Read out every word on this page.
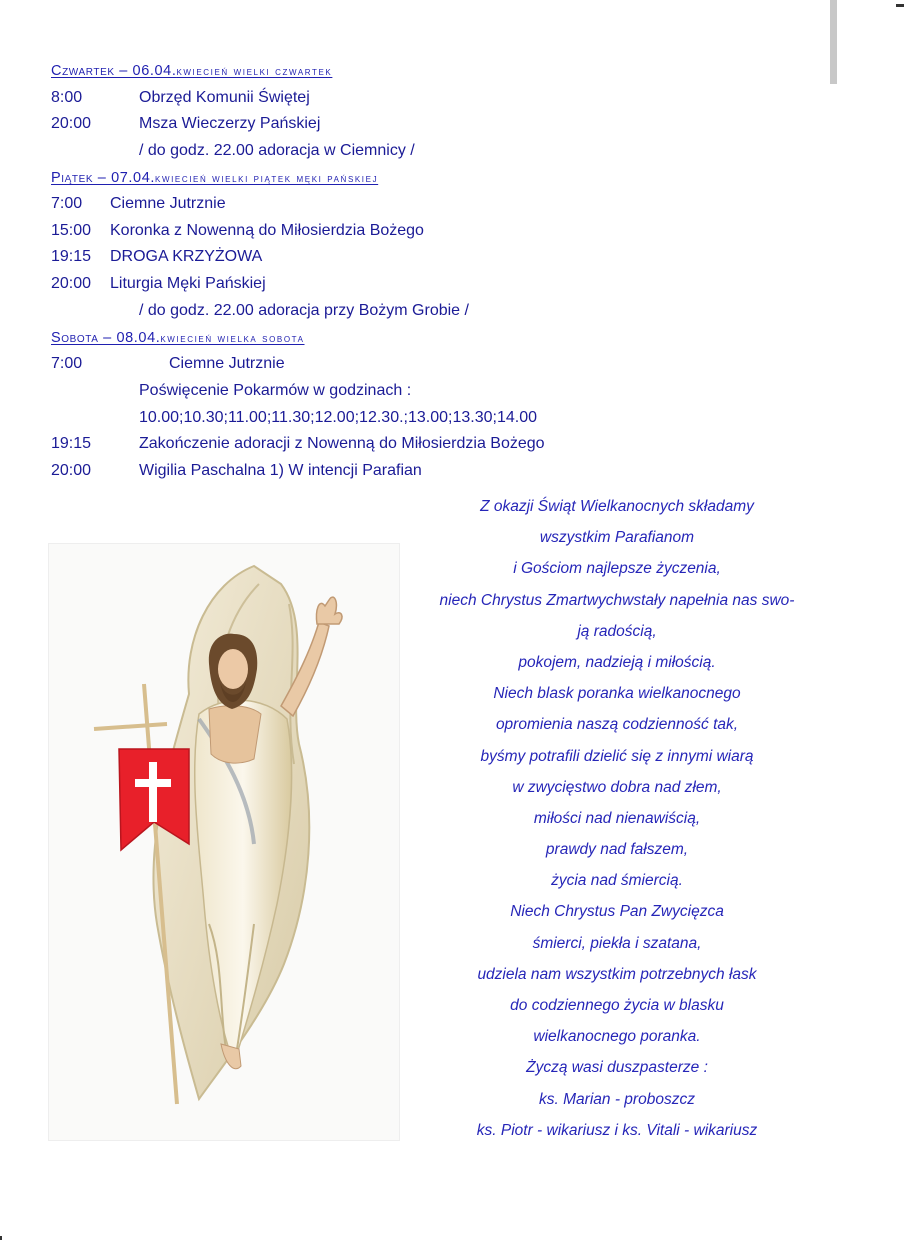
Czwartek – 06.04.kwiecień wielki czwartek
8:00	Obrzęd Komunii Świętej
20:00	Msza Wieczerzy Pańskiej
/ do godz. 22.00 adoracja w Ciemnicy /
Piątek – 07.04.kwiecień wielki piątek męki pańskiej
7:00 Ciemne Jutrznie
15:00 Koronka z Nowenną do Miłosierdzia Bożego
19:15 DROGA KRZYŻOWA
20:00 Liturgia Męki Pańskiej
/ do godz. 22.00 adoracja przy Bożym Grobie /
Sobota – 08.04.kwiecień wielka sobota
7:00	Ciemne Jutrznie
Poświęcenie Pokarmów w godzinach :
10.00;10.30;11.00;11.30;12.00;12.30.;13.00;13.30;14.00
19:15	Zakończenie adoracji z Nowenną do Miłosierdzia Bożego
20:00	Wigilia Paschalna 1) W intencji Parafian
Z okazji Świąt Wielkanocnych składamy
wszystkim Parafianom
i Gościom najlepsze życzenia,
niech Chrystus Zmartwychwstały napełnia nas swo-
ją radością,
pokojem, nadzieją i miłością.
Niech blask poranka wielkanocnego
opromienia naszą codzienność tak,
byśmy potrafili dzielić się z innymi wiarą
w zwycięstwo dobra nad złem,
miłości nad nienawiścią,
prawdy nad fałszem,
życia nad śmiercią.
Niech Chrystus Pan Zwycięzca
śmierci, piekła i szatana,
udziela nam wszystkim potrzebnych łask
do codziennego życia w blasku
wielkanocnego poranka.
Życzą wasi duszpasterze :
ks. Marian - proboszcz
ks. Piotr - wikariusz i ks. Vitali - wikariusz
